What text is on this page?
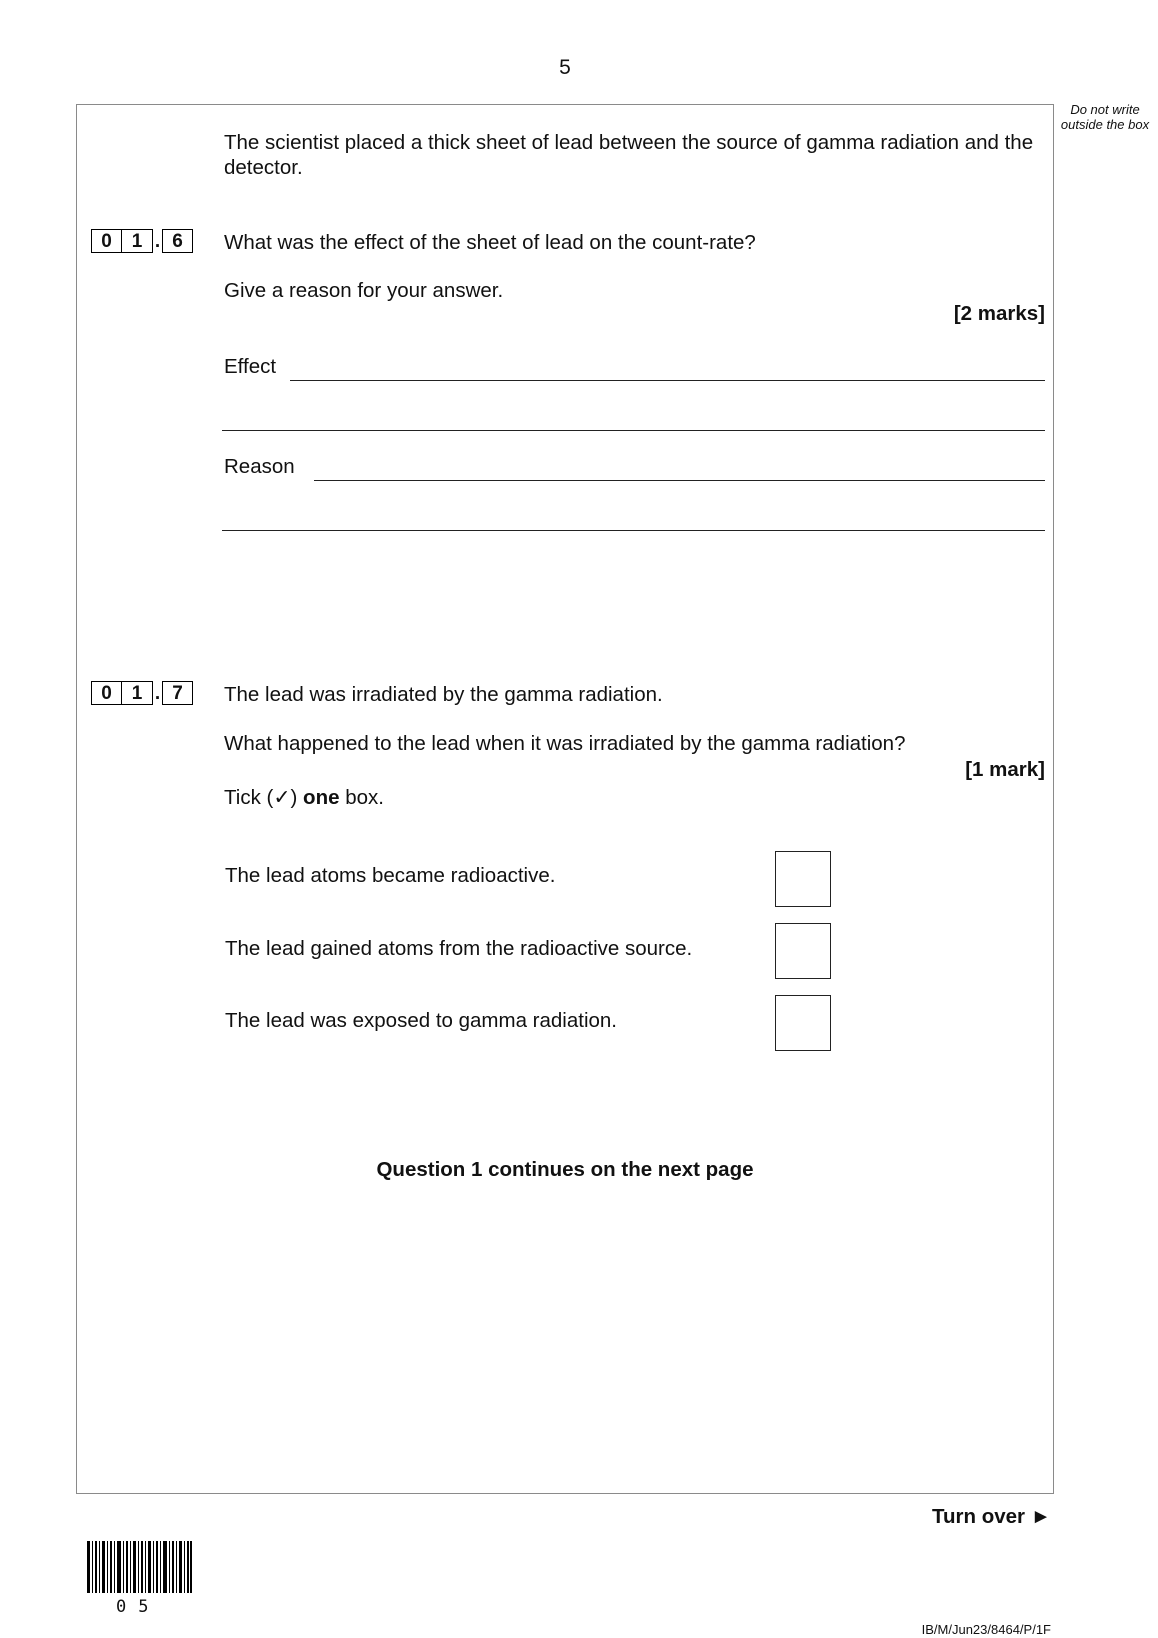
5
Do not write outside the box
The scientist placed a thick sheet of lead between the source of gamma radiation and the detector.
0	1 . 6	What was the effect of the sheet of lead on the count-rate?
Give a reason for your answer.
[2 marks]
Effect
Reason
0	1 . 7	The lead was irradiated by the gamma radiation.
What happened to the lead when it was irradiated by the gamma radiation?
[1 mark]
Tick (✓) one box.
The lead atoms became radioactive.
The lead gained atoms from the radioactive source.
The lead was exposed to gamma radiation.
Question 1 continues on the next page
Turn over ►
05
IB/M/Jun23/8464/P/1F
